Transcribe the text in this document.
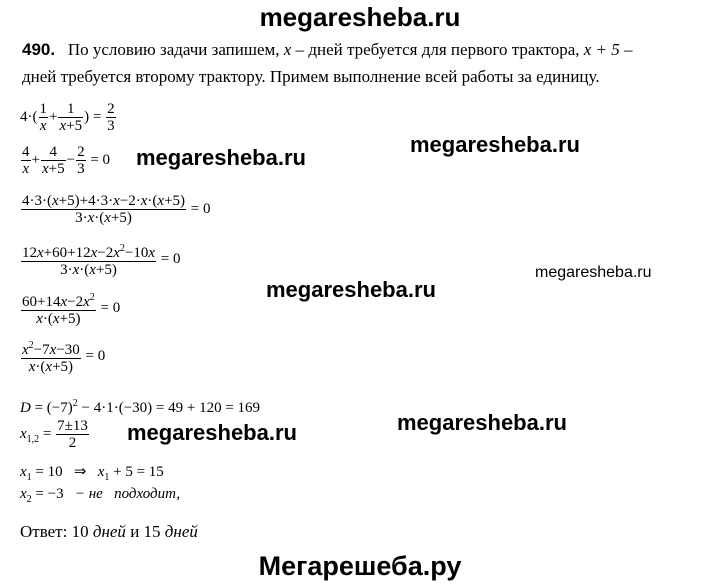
megaresheba.ru
490. По условию задачи запишем, x – дней требуется для первого трактора, x + 5 –
дней требуется второму трактору. Примем выполнение всей работы за единицу.
$4\cdot( \frac{1}{x} + \frac{1}{x+5}$ ) = $\frac{2}{3}$
$\frac{4}{x} + \frac{4}{x+5} - \frac{2}{3} = 0$ megaresheba.ru
megaresheba.ru
$\frac{4\cdot 3\cdot(x+5)+4\cdot 3\cdot x-2\cdot x\cdot(x+5)}{3\cdot x\cdot(x+5)} = 0$
$\frac{12x+60+12x-2x^2-10x}{3\cdot x\cdot(x+5)} = 0$
megaresheba.ru
megaresheba.ru
$\frac{60+14x-2x^2}{x\cdot(x+5)} = 0$
$\frac{x^2-7x-30}{x\cdot(x+5)} = 0$
$D = (-7)^2 - 4\cdot 1\cdot(-30) = 49 + 120 = 169$
megaresheba.ru
$x_{1,2} = \frac{7\pm 13}{2}$ megaresheba.ru
$x_1 = 10$   ⇒   $x_1 + 5 = 15$
$x_2 = -3$   − не   подходит,
Ответ: 10 дней и 15 дней
Мегарешеба.ру
